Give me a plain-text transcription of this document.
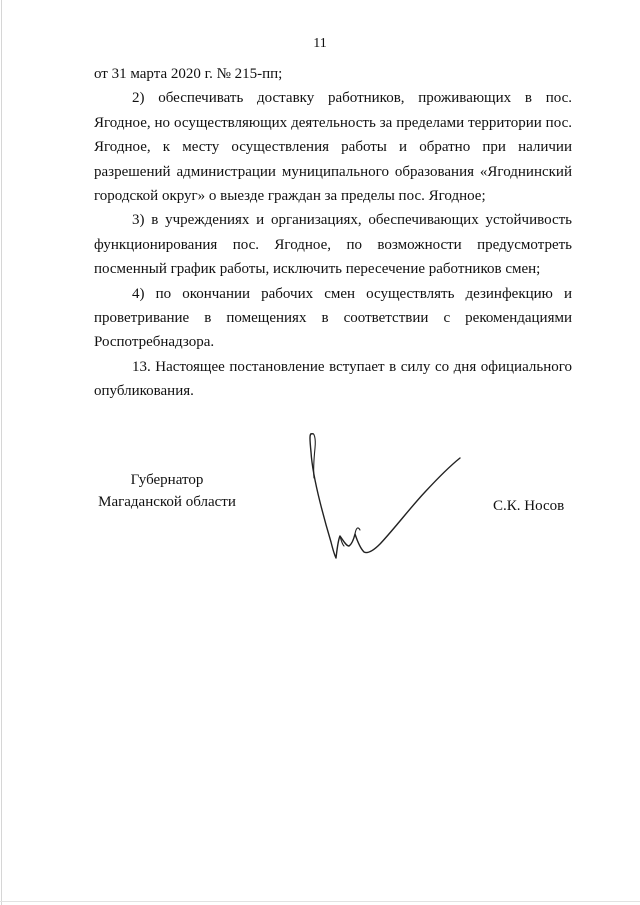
11

от 31 марта 2020 г. № 215-пп;

2) обеспечивать доставку работников, проживающих в пос. Ягодное, но осуществляющих деятельность за пределами территории пос. Ягодное, к месту осуществления работы и обратно при наличии разрешений администрации муниципального образования «Ягоднинский городской округ» о выезде граждан за пределы пос. Ягодное;

3) в учреждениях и организациях, обеспечивающих устойчивость функционирования пос. Ягодное, по возможности предусмотреть посменный график работы, исключить пересечение работников смен;

4) по окончании рабочих смен осуществлять дезинфекцию и проветривание в помещениях в соответствии с рекомендациями Роспотребнадзора.

13. Настоящее постановление вступает в силу со дня официального опубликования.

Губернатор
Магаданской области	С.К. Носов
